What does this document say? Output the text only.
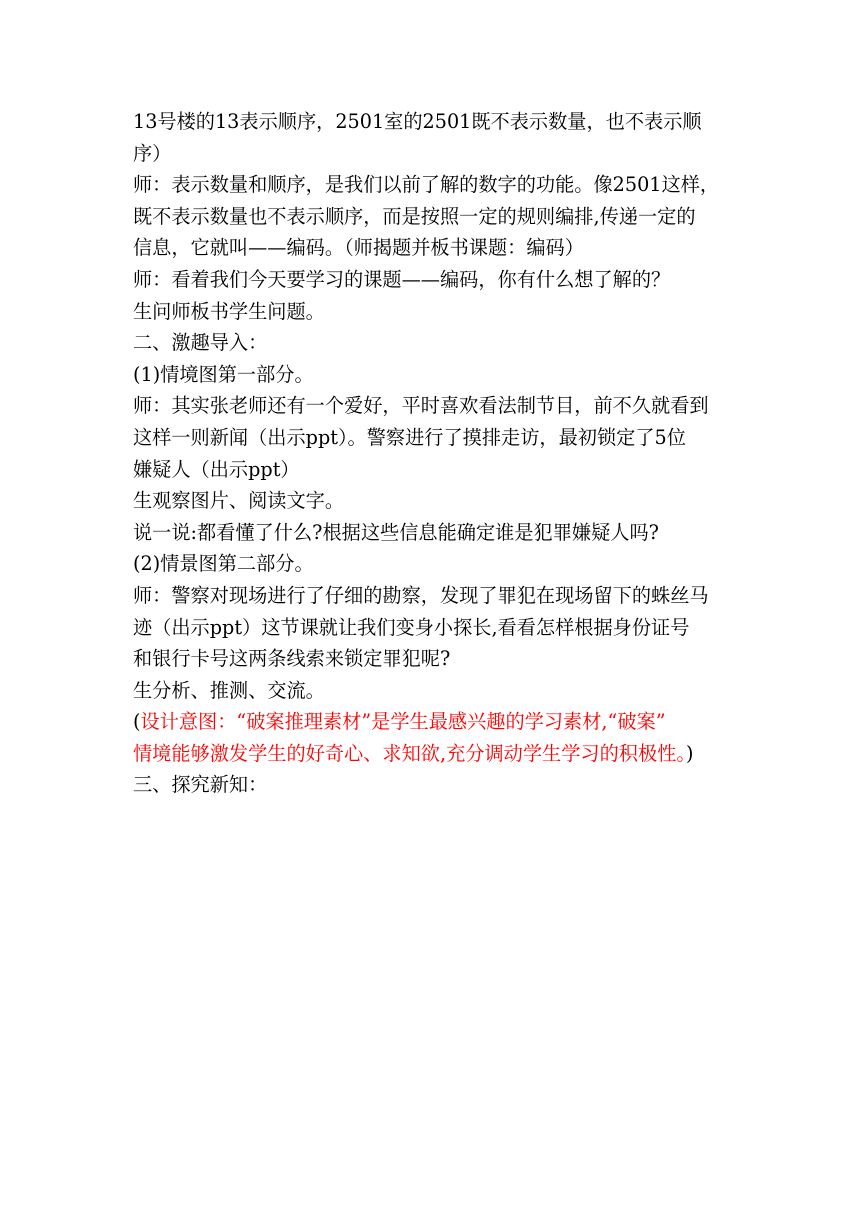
13号楼的13表示顺序，2501室的2501既不表示数量，也不表示顺
序）
师：表示数量和顺序，是我们以前了解的数字的功能。像2501这样，
既不表示数量也不表示顺序，而是按照一定的规则编排,传递一定的
信息，它就叫——编码。（师揭题并板书课题：编码）
师：看着我们今天要学习的课题——编码，你有什么想了解的？
生问师板书学生问题。
二、激趣导入：
(1)情境图第一部分。
师：其实张老师还有一个爱好，平时喜欢看法制节目，前不久就看到
这样一则新闻（出示ppt）。警察进行了摸排走访，最初锁定了5位
嫌疑人（出示ppt）
生观察图片、阅读文字。
说一说:都看懂了什么?根据这些信息能确定谁是犯罪嫌疑人吗?
(2)情景图第二部分。
师：警察对现场进行了仔细的勘察，发现了罪犯在现场留下的蛛丝马
迹（出示ppt）这节课就让我们变身小探长,看看怎样根据身份证号
和银行卡号这两条线索来锁定罪犯呢?
生分析、推测、交流。
(设计意图：“破案推理素材”是学生最感兴趣的学习素材,“破案”
情境能够激发学生的好奇心、求知欲,充分调动学生学习的积极性。)
三、探究新知：
